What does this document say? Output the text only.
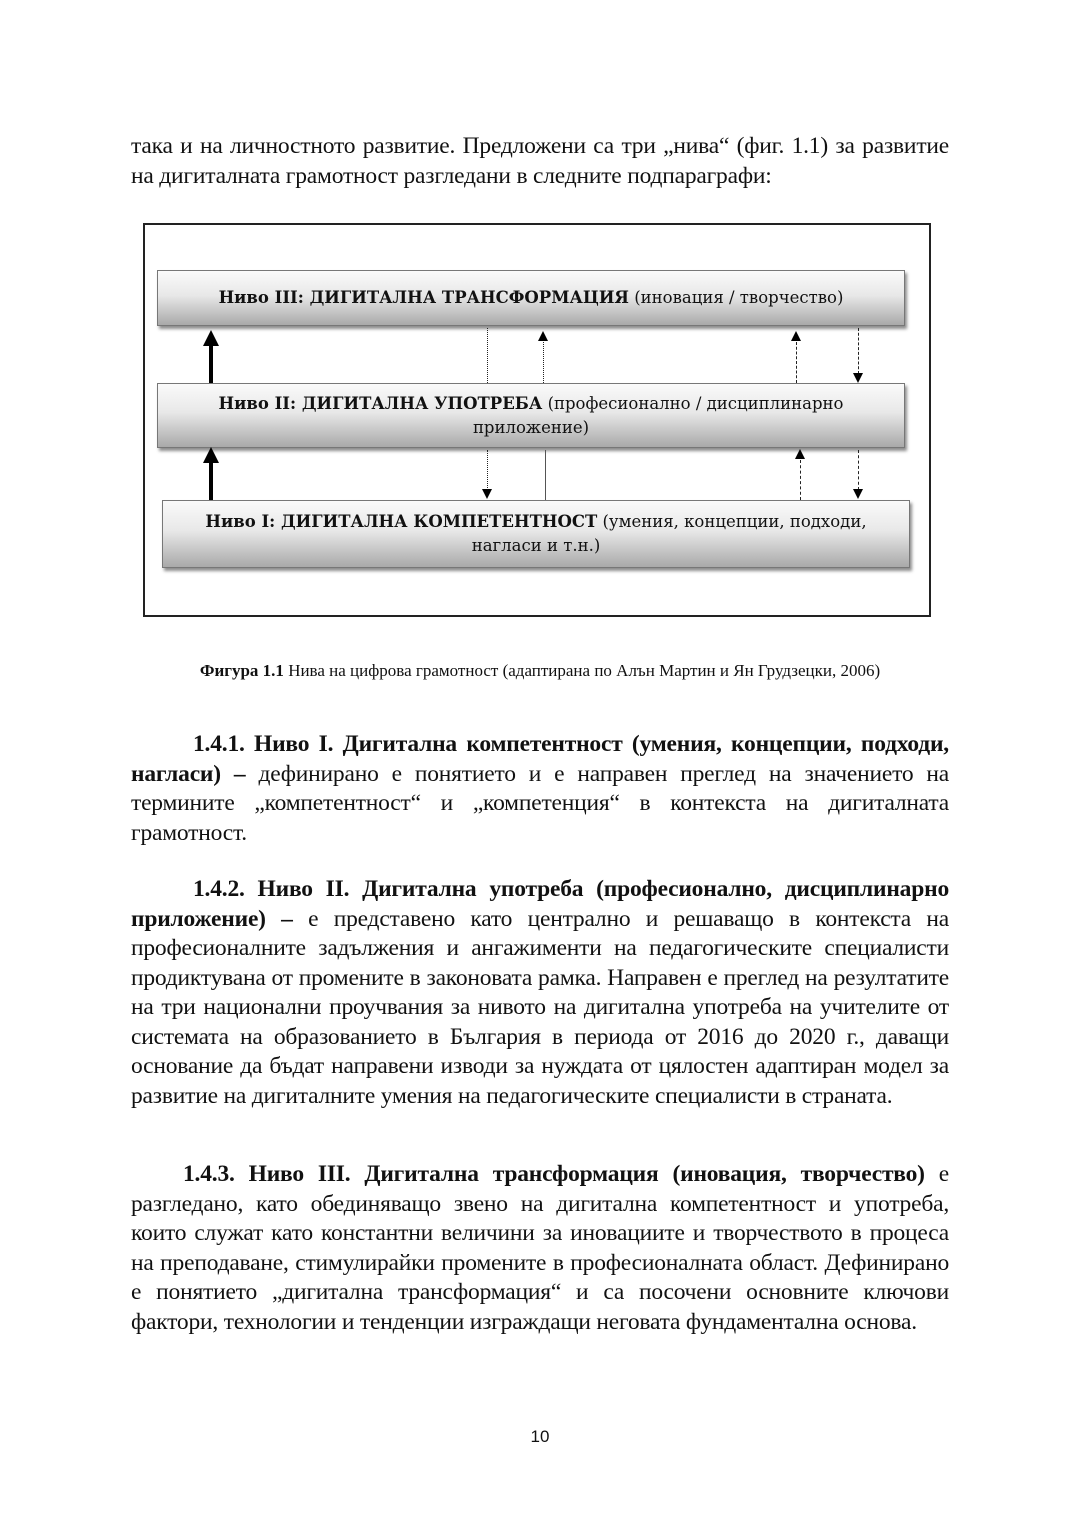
така и на личностното развитие. Предложени са три „нива“ (фиг. 1.1) за развитие на дигиталната грамотност разгледани в следните подпараграфи:
Ниво III: ДИГИТАЛНА ТРАНСФОРМАЦИЯ (иновация / творчество)
Ниво II: ДИГИТАЛНА УПОТРЕБА (професионално / дисциплинарно приложение)
Ниво I: ДИГИТАЛНА КОМПЕТЕНТНОСТ (умения, концепции, подходи, нагласи и т.н.)
Фигура 1.1 Нива на цифрова грамотност (адаптирана по Алън Мартин и Ян Грудзецки, 2006)
1.4.1. Ниво I. Дигитална компетентност (умения, концепции, подходи, нагласи) – дефинирано е понятието и е направен преглед на значението на термините „компетентност“ и „компетенция“ в контекста на дигиталната грамотност.
1.4.2. Ниво II. Дигитална употреба (професионално, дисциплинарно приложение) – е представено като централно и решаващо в контекста на професионалните задължения и ангажименти на педагогическите специалисти продиктувана от промените в законовата рамка. Направен е преглед на резултатите на три национални проучвания за нивото на дигитална употреба на учителите от системата на образованието в България в периода от 2016 до 2020 г., даващи основание да бъдат направени изводи за нуждата от цялостен адаптиран модел за развитие на дигиталните умения на педагогическите специалисти в страната.
1.4.3. Ниво III. Дигитална трансформация (иновация, творчество) е разгледано, като обединяващо звено на дигитална компетентност и употреба, които служат като константни величини за иновациите и творчеството в процеса на преподаване, стимулирайки промените в професионалната област. Дефинирано е понятието „дигитална трансформация“ и са посочени основните ключови фактори, технологии и тенденции изграждащи неговата фундаментална основа.
10
